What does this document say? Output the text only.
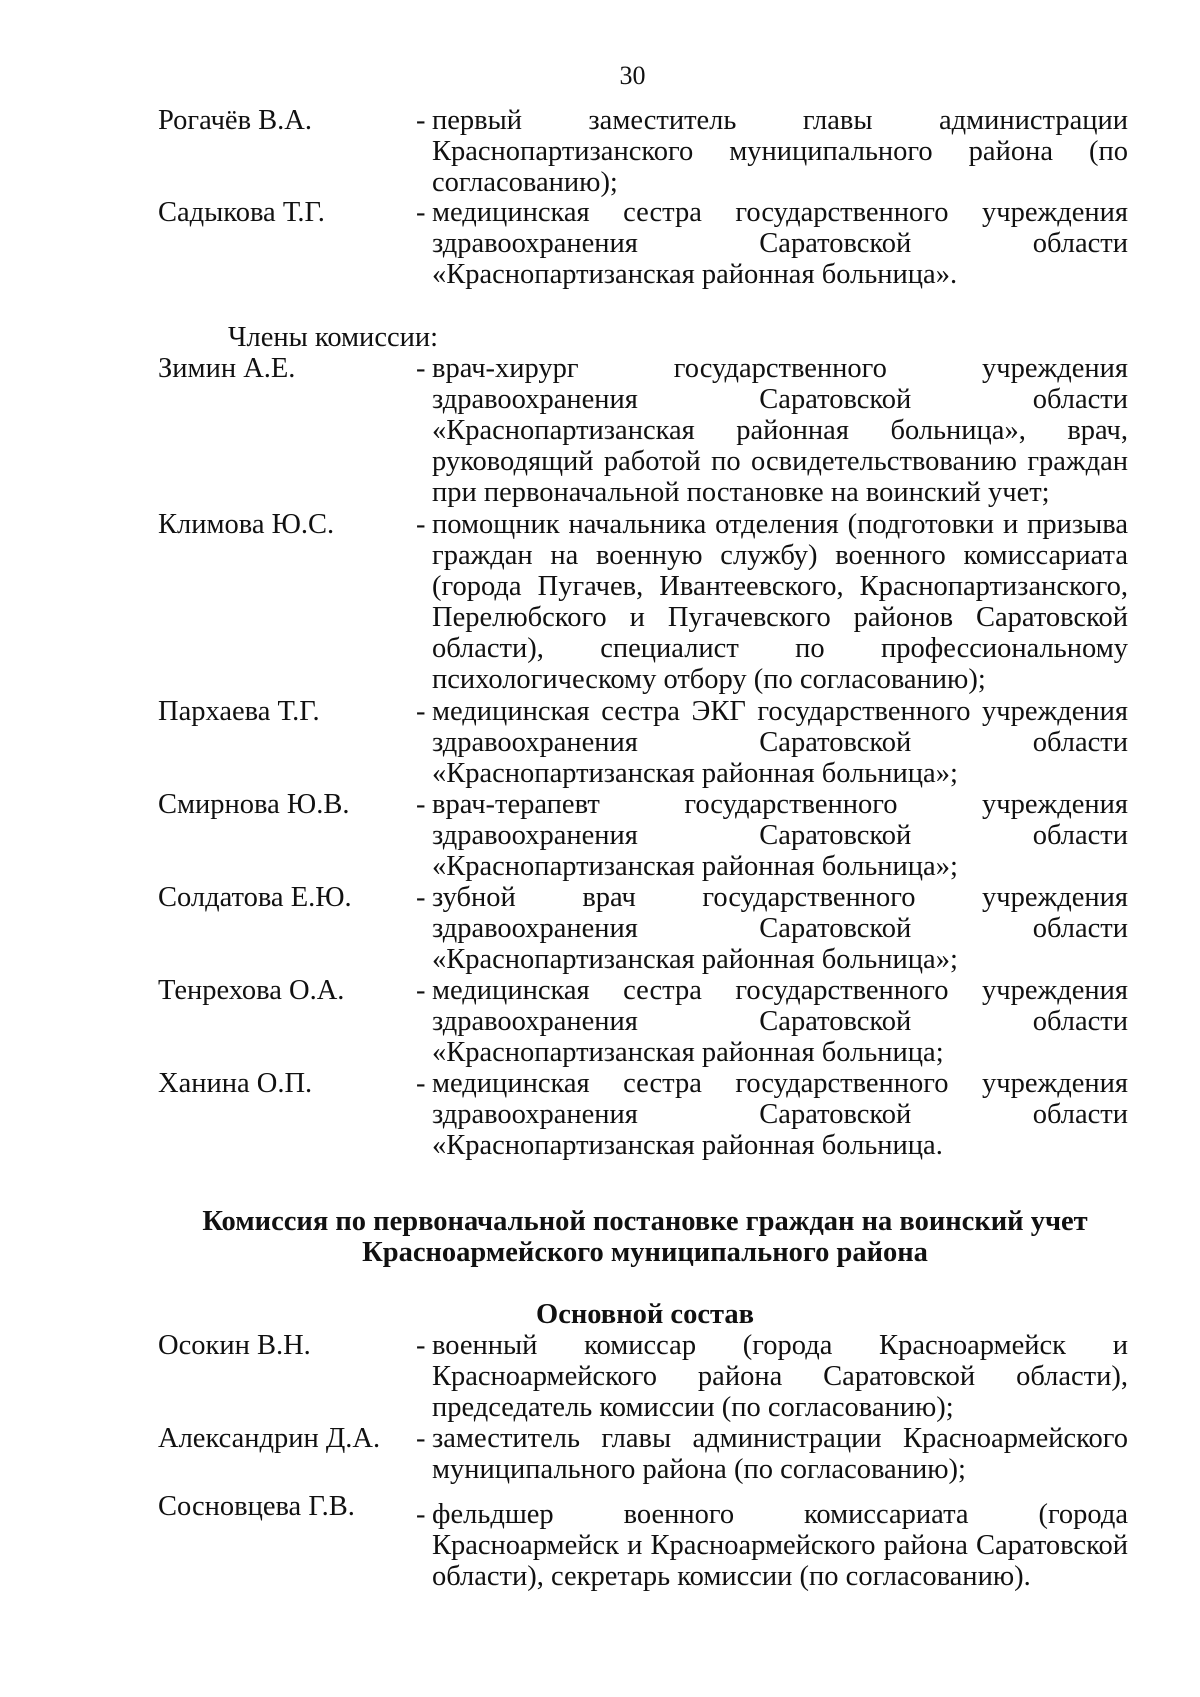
30
Рогачёв В.А.	- первый заместитель главы администрации Краснопартизанского муниципального района (по согласованию);
Садыкова Т.Г.	- медицинская сестра государственного учреждения здравоохранения Саратовской области «Краснопартизанская районная больница».
Члены комиссии:
Зимин А.Е.	- врач-хирург государственного учреждения здравоохранения Саратовской области «Краснопартизанская районная больница», врач, руководящий работой по освидетельствованию граждан при первоначальной постановке на воинский учет;
Климова Ю.С.	- помощник начальника отделения (подготовки и призыва граждан на военную службу) военного комиссариата (города Пугачев, Ивантеевского, Краснопартизанского, Перелюбского и Пугачевского районов Саратовской области), специалист по профессиональному психологическому отбору (по согласованию);
Пархаева Т.Г.	- медицинская сестра ЭКГ государственного учреждения здравоохранения Саратовской области «Краснопартизанская районная больница»;
Смирнова Ю.В. - врач-терапевт государственного учреждения здравоохранения Саратовской области «Краснопартизанская районная больница»;
Солдатова Е.Ю. - зубной врач государственного учреждения здравоохранения Саратовской области «Краснопартизанская районная больница»;
Тенрехова О.А.	- медицинская сестра государственного учреждения здравоохранения Саратовской области «Краснопартизанская районная больница;
Ханина О.П.	- медицинская сестра государственного учреждения здравоохранения Саратовской области «Краснопартизанская районная больница.
Комиссия по первоначальной постановке граждан на воинский учет
Красноармейского муниципального района
Основной состав
Осокин В.Н.	- военный комиссар (города Красноармейск и Красноармейского района Саратовской области), председатель комиссии (по согласованию);
Александрин Д.А. - заместитель главы администрации Красноармейского муниципального района (по согласованию);
Сосновцева Г.В. - фельдшер военного комиссариата (города Красноармейск и Красноармейского района Саратовской области), секретарь комиссии (по согласованию).
